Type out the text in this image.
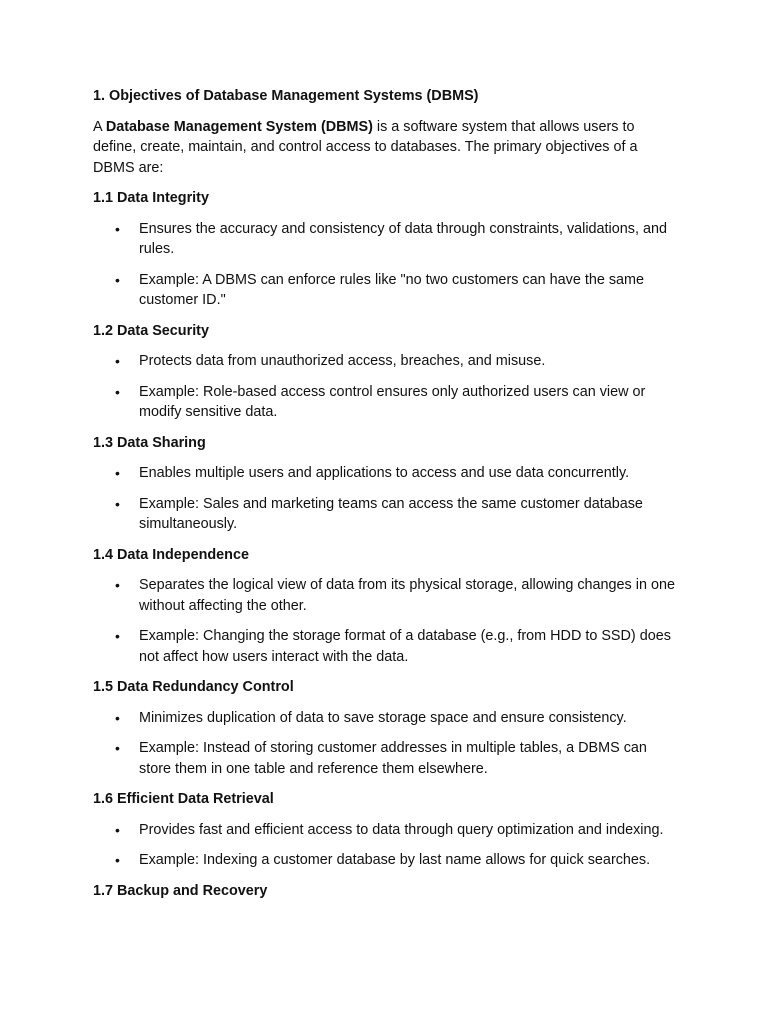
1. Objectives of Database Management Systems (DBMS)

A Database Management System (DBMS) is a software system that allows users to define, create, maintain, and control access to databases. The primary objectives of a DBMS are:

1.1 Data Integrity
• Ensures the accuracy and consistency of data through constraints, validations, and rules.
• Example: A DBMS can enforce rules like "no two customers can have the same customer ID."
1.2 Data Security
• Protects data from unauthorized access, breaches, and misuse.
• Example: Role-based access control ensures only authorized users can view or modify sensitive data.
1.3 Data Sharing
• Enables multiple users and applications to access and use data concurrently.
• Example: Sales and marketing teams can access the same customer database simultaneously.
1.4 Data Independence
• Separates the logical view of data from its physical storage, allowing changes in one without affecting the other.
• Example: Changing the storage format of a database (e.g., from HDD to SSD) does not affect how users interact with the data.
1.5 Data Redundancy Control
• Minimizes duplication of data to save storage space and ensure consistency.
• Example: Instead of storing customer addresses in multiple tables, a DBMS can store them in one table and reference them elsewhere.
1.6 Efficient Data Retrieval
• Provides fast and efficient access to data through query optimization and indexing.
• Example: Indexing a customer database by last name allows for quick searches.
1.7 Backup and Recovery
